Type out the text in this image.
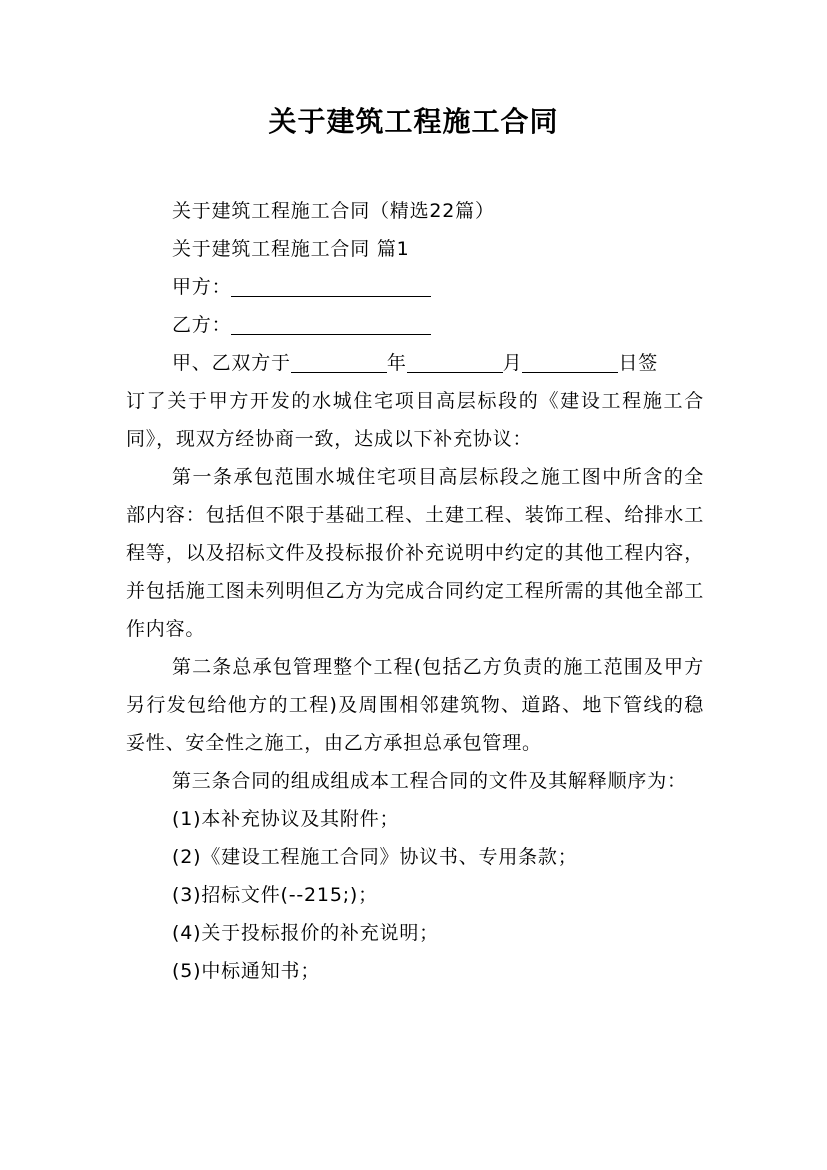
关于建筑工程施工合同
关于建筑工程施工合同（精选22篇）
关于建筑工程施工合同 篇1
甲方：
乙方：
甲、乙双方于	年	月	日签
订了关于甲方开发的水城住宅项目高层标段的《建设工程施工合同》，现双方经协商一致，达成以下补充协议：
第一条承包范围水城住宅项目高层标段之施工图中所含的全部内容：包括但不限于基础工程、土建工程、装饰工程、给排水工程等，以及招标文件及投标报价补充说明中约定的其他工程内容，并包括施工图未列明但乙方为完成合同约定工程所需的其他全部工作内容。
第二条总承包管理整个工程(包括乙方负责的施工范围及甲方另行发包给他方的工程)及周围相邻建筑物、道路、地下管线的稳妥性、安全性之施工，由乙方承担总承包管理。
第三条合同的组成组成本工程合同的文件及其解释顺序为：
(1)本补充协议及其附件；
(2)《建设工程施工合同》协议书、专用条款；
(3)招标文件(--215;)；
(4)关于投标报价的补充说明；
(5)中标通知书；
